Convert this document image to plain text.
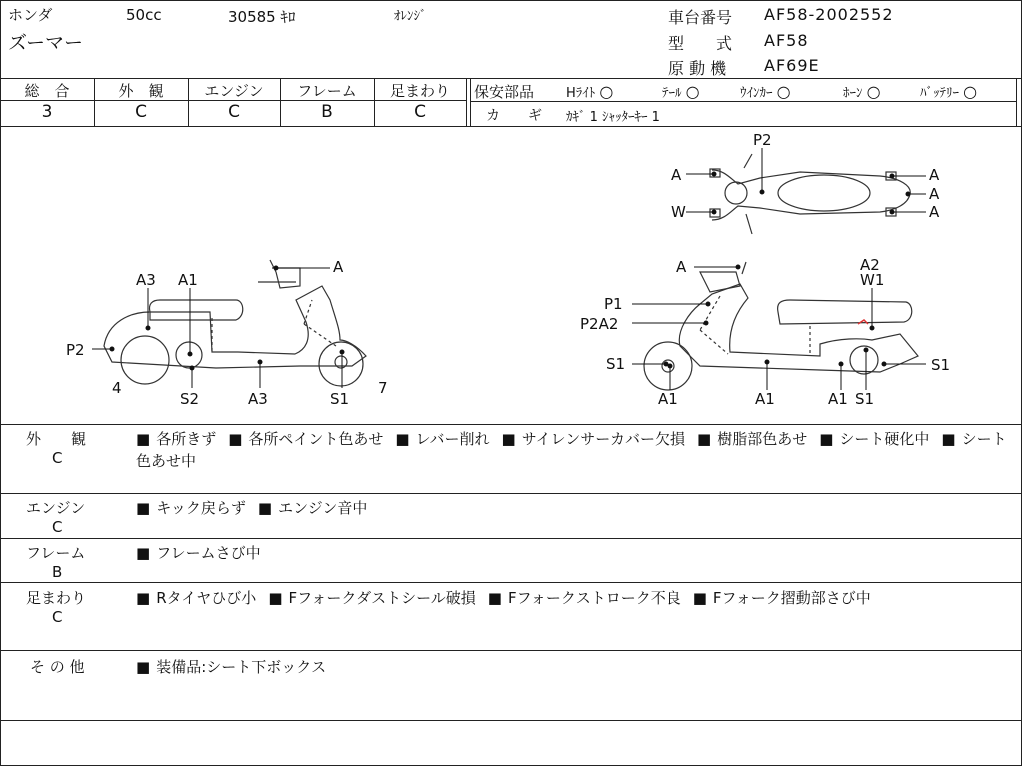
ホンダ	50cc	30585 ｷﾛ	ｵﾚﾝｼﾞ
ズーマー
車台番号 AF58-2002552
型　　式 AF58
原 動 機 AF69E
総　合	外　観	エンジン	フレーム	足まわり
3	C	C	B	C
保安部品 Hﾗｲﾄ ○	ﾃｰﾙ ○	ｳｲﾝｶｰ ○	ﾎｰﾝ ○	ﾊﾞｯﾃﾘｰ ○
カ　　ギ ｶｷﾞ 1 ｼｬｯﾀｰｷｰ 1
A3 A1
A
P2
4
S2	A3	S1
7
A	A2
W1
P1
P2A2
S1
A1	A1	A1 S1
S1
P2
A	A
W
A
A
外　　観
C
■ 各所きず ■ 各所ペイント色あせ ■ レバー削れ ■ サイレンサーカバー欠損 ■ 樹脂部色あせ ■ シート硬化中 ■ シート色あせ中
エンジン
C
■ キック戻らず ■ エンジン音中
フレーム
B
■ フレームさび中
足まわり
C
■ Rタイヤひび小 ■ Fフォークダストシール破損 ■ Fフォークストローク不良 ■ Fフォーク摺動部さび中
そ の 他	■ 装備品:シート下ボックス
